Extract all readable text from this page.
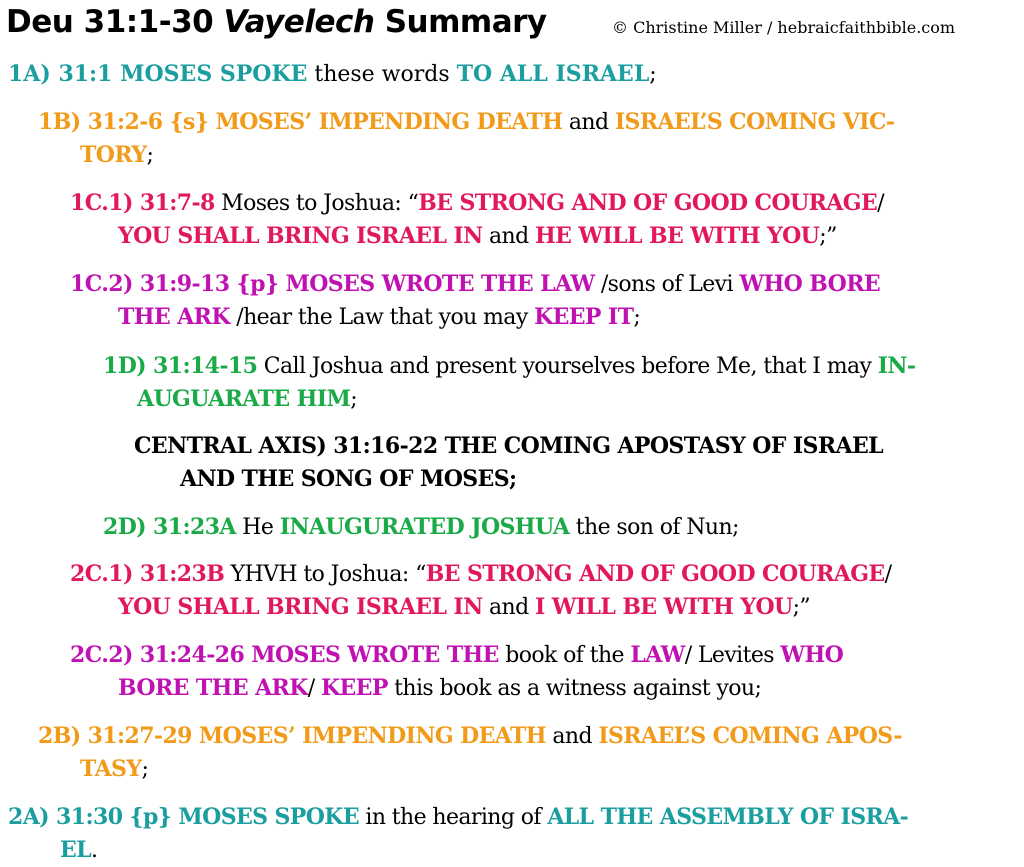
Deu 31:1-30 Vayelech Summary	© Christine Miller / hebraicfaithbible.com
1A) 31:1 MOSES SPOKE these words TO ALL ISRAEL;
1B) 31:2-6 {s} MOSES’ IMPENDING DEATH and ISRAEL’S COMING VIC-
TORY;
1C.1) 31:7-8 Moses to Joshua: “BE STRONG AND OF GOOD COURAGE/
YOU SHALL BRING ISRAEL IN and HE WILL BE WITH YOU;”
1C.2) 31:9-13 {p} MOSES WROTE THE LAW /sons of Levi WHO BORE
THE ARK /hear the Law that you may KEEP IT;
1D) 31:14-15 Call Joshua and present yourselves before Me, that I may IN-
AUGUARATE HIM;
CENTRAL AXIS) 31:16-22 THE COMING APOSTASY OF ISRAEL
AND THE SONG OF MOSES;
2D) 31:23A He INAUGURATED JOSHUA the son of Nun;
2C.1) 31:23B YHVH to Joshua: “BE STRONG AND OF GOOD COURAGE/
YOU SHALL BRING ISRAEL IN and I WILL BE WITH YOU;”
2C.2) 31:24-26 MOSES WROTE THE book of the LAW/ Levites WHO
BORE THE ARK/ KEEP this book as a witness against you;
2B) 31:27-29 MOSES’ IMPENDING DEATH and ISRAEL’S COMING APOS-
TASY;
2A) 31:30 {p} MOSES SPOKE in the hearing of ALL THE ASSEMBLY OF ISRA-
EL.
